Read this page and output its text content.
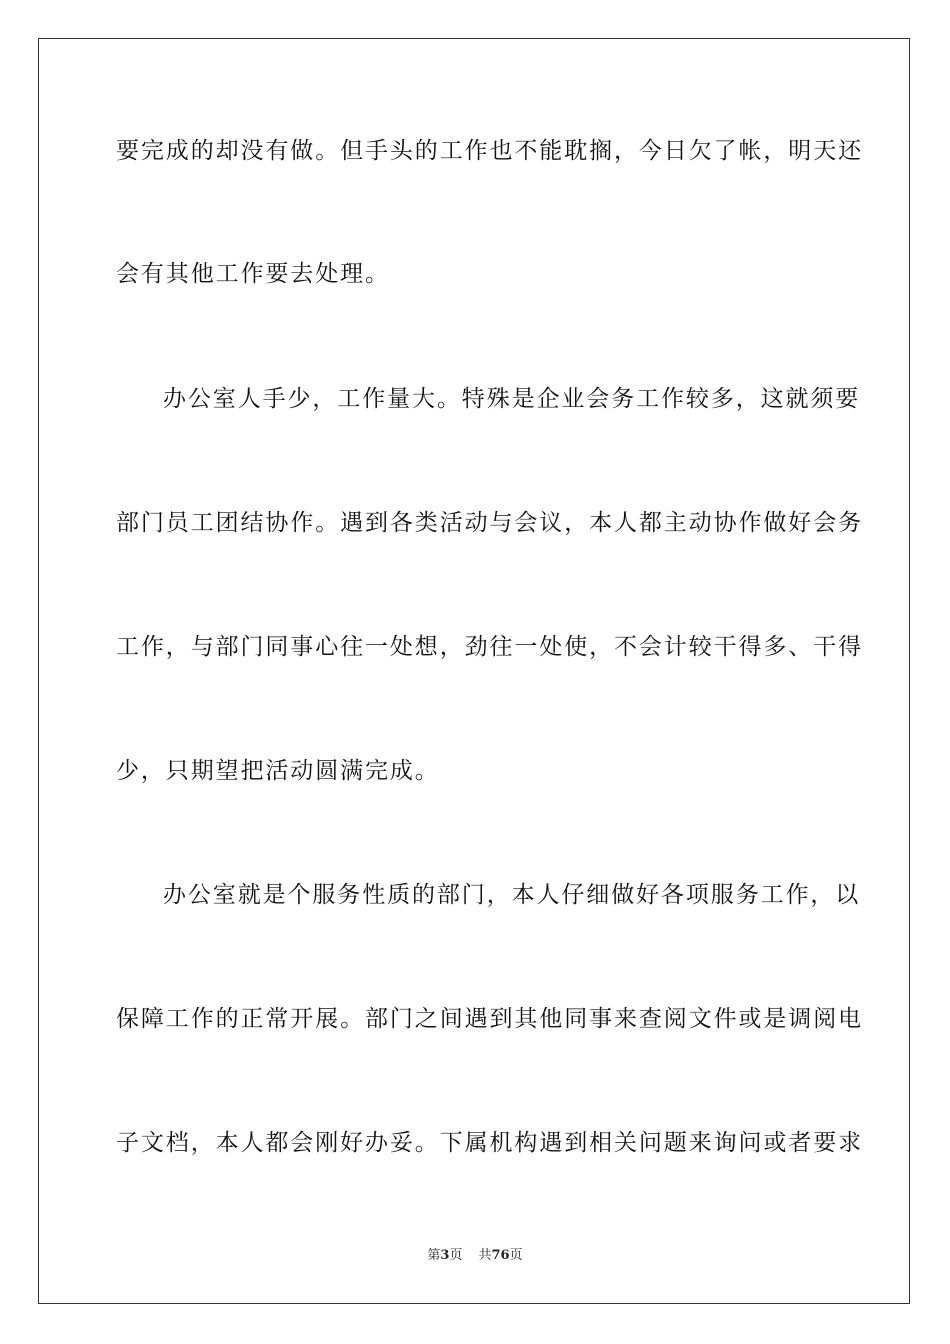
要完成的却没有做。但手头的工作也不能耽搁，今日欠了帐，明天还
会有其他工作要去处理。
办公室人手少，工作量大。特殊是企业会务工作较多，这就须要
部门员工团结协作。遇到各类活动与会议，本人都主动协作做好会务
工作，与部门同事心往一处想，劲往一处使，不会计较干得多、干得
少，只期望把活动圆满完成。
办公室就是个服务性质的部门，本人仔细做好各项服务工作，以
保障工作的正常开展。部门之间遇到其他同事来查阅文件或是调阅电
子文档，本人都会刚好办妥。下属机构遇到相关问题来询问或者要求
第3页 共76页
